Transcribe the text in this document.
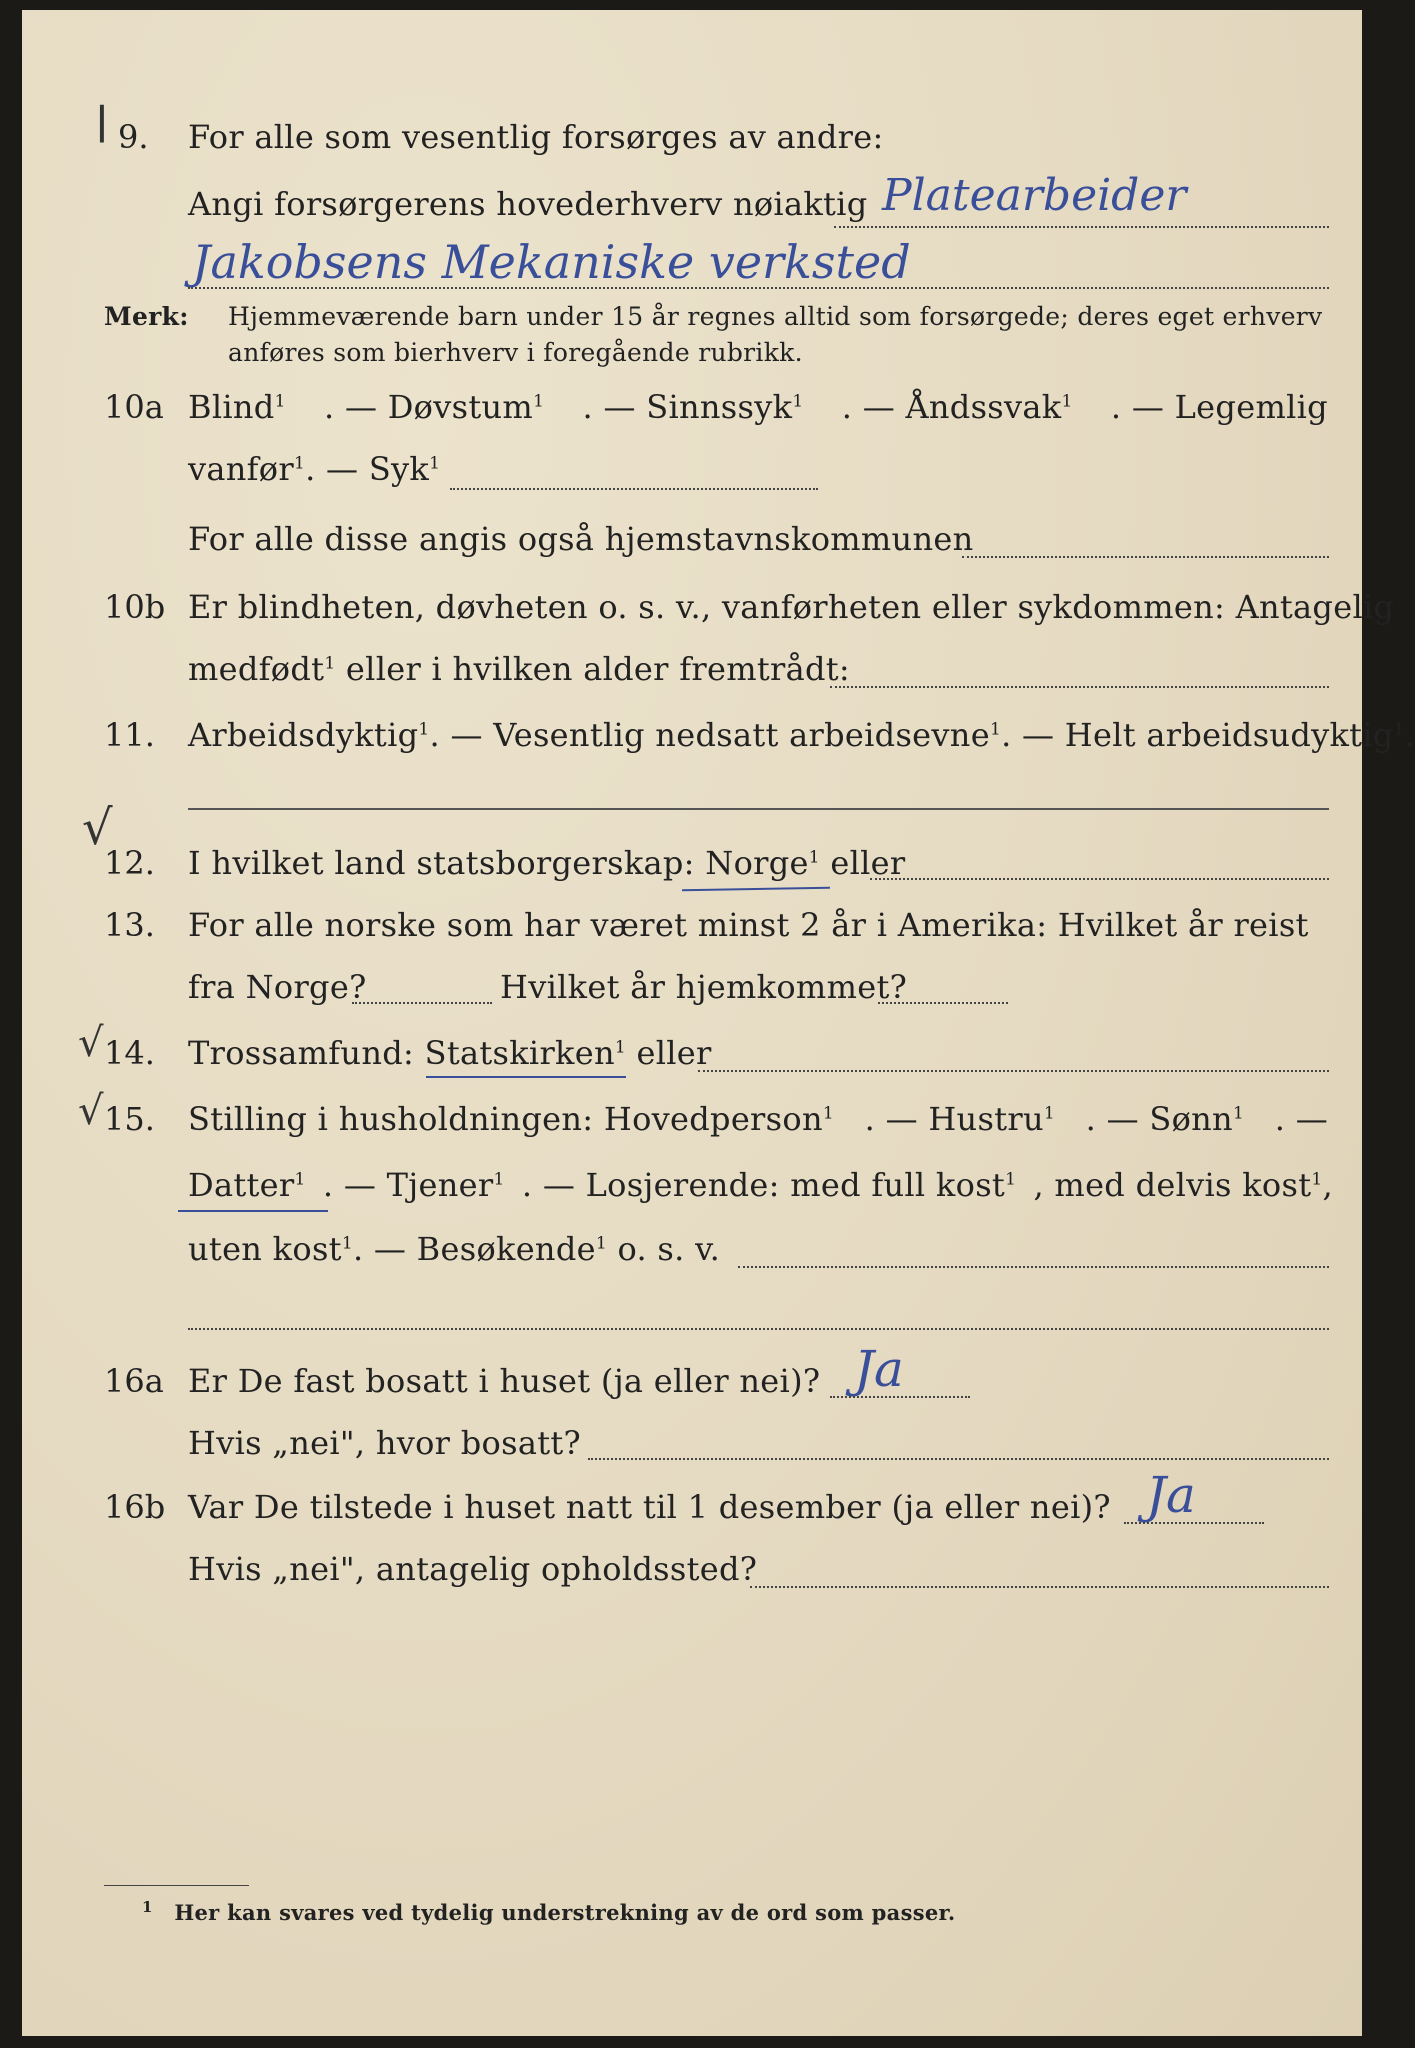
ǀ 9. For alle som vesentlig forsørges av andre:
Angi forsørgerens hovederhverv nøiaktig Platearbeider
Jakobsens Mekaniske verksted
Merk: Hjemmeværende barn under 15 år regnes alltid som forsørgede; deres eget erhverv
anføres som bierhverv i foregående rubrikk.
10a Blind$^1$ . — Døvstum$^1$ . — Sinnssyk$^1$ . — Åndssvak$^1$ . — Legemlig
vanfør$^1$. — Syk$^1$
For alle disse angis også hjemstavnskommunen
10b Er blindheten, døvheten o. s. v., vanførheten eller sykdommen: Antagelig
medfødt$^1$ eller i hvilken alder fremtrådt:
11. Arbeidsdyktig$^1$. — Vesentlig nedsatt arbeidsevne$^1$. — Helt arbeidsudyktig$^1$.
√
12. I hvilket land statsborgerskap: Norge$^1$ eller
13. For alle norske som har været minst 2 år i Amerika: Hvilket år reist
fra Norge?	Hvilket år hjemkommet?
√ 14. Trossamfund: Statskirken$^1$ eller
√ 15. Stilling i husholdningen: Hovedperson$^1$ . — Hustru$^1$ . — Sønn$^1$ . —
Datter$^1$ . — Tjener$^1$ . — Losjerende: med full kost$^1$ , med delvis kost$^1$,
uten kost$^1$. — Besøkende$^1$ o. s. v.
16a Er De fast bosatt i huset (ja eller nei)? Ja
Hvis „nei", hvor bosatt?
16b Var De tilstede i huset natt til 1 desember (ja eller nei)? Ja
Hvis „nei", antagelig opholdssted?
$^1$ Her kan svares ved tydelig understrekning av de ord som passer.
